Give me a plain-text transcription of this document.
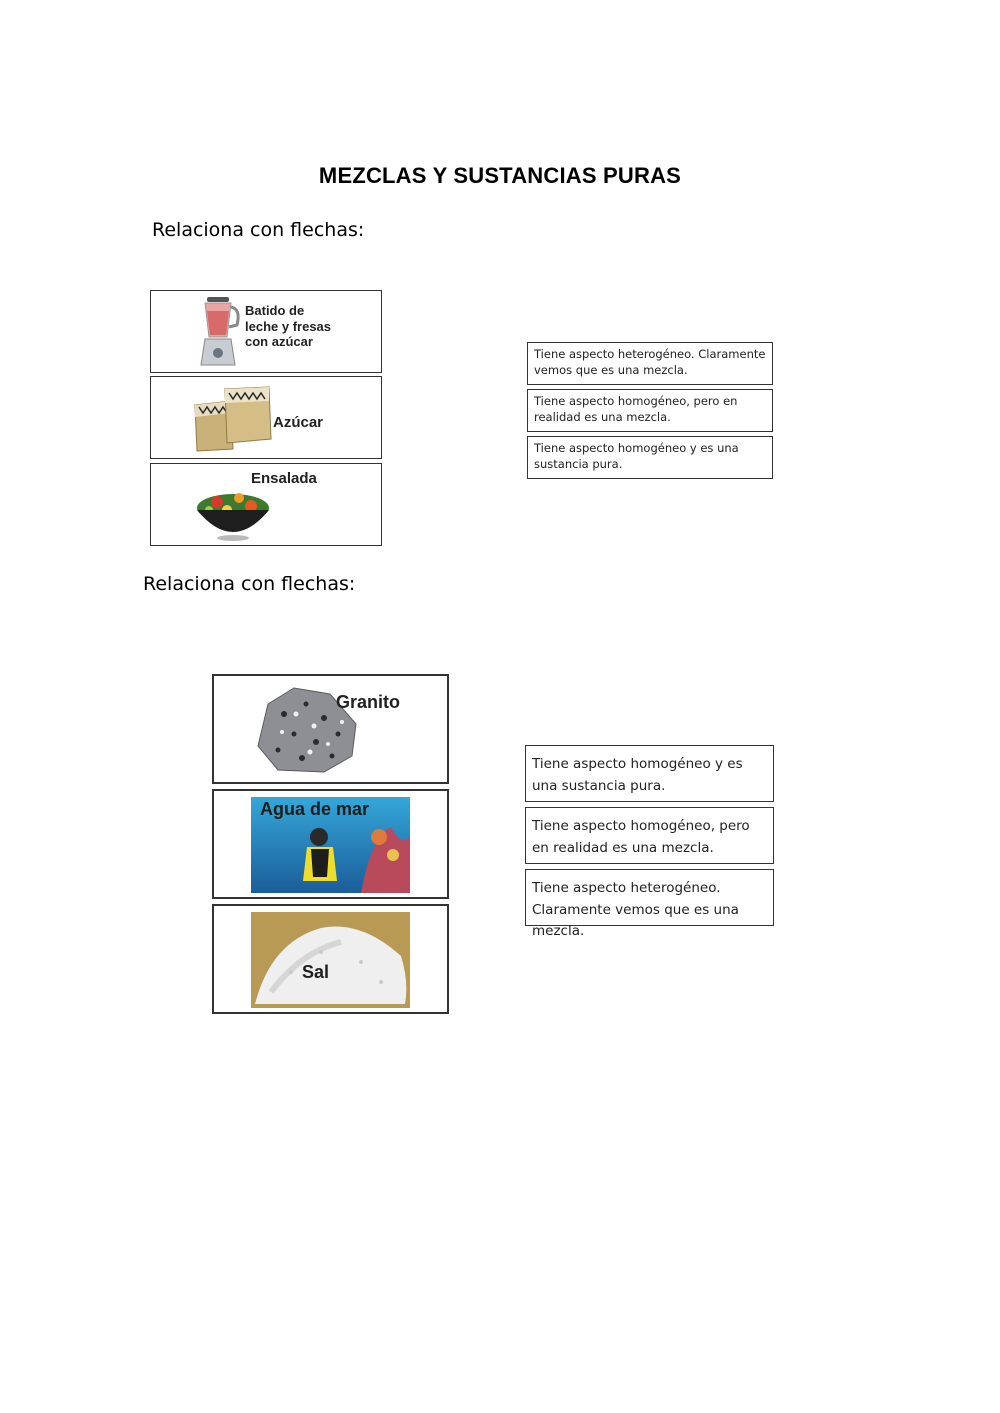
MEZCLAS Y SUSTANCIAS PURAS
Relaciona con flechas:
Batido de
leche y fresas
con azúcar
Azúcar
Ensalada
Tiene aspecto heterogéneo. Claramente vemos que es una mezcla.
Tiene aspecto homogéneo, pero en realidad es una mezcla.
Tiene aspecto homogéneo y es una sustancia pura.
Relaciona con flechas:
Granito
Agua de mar
Sal
Tiene aspecto homogéneo y es una sustancia pura.
Tiene aspecto homogéneo, pero en realidad es una mezcla.
Tiene aspecto heterogéneo. Claramente vemos que es una mezcla.
